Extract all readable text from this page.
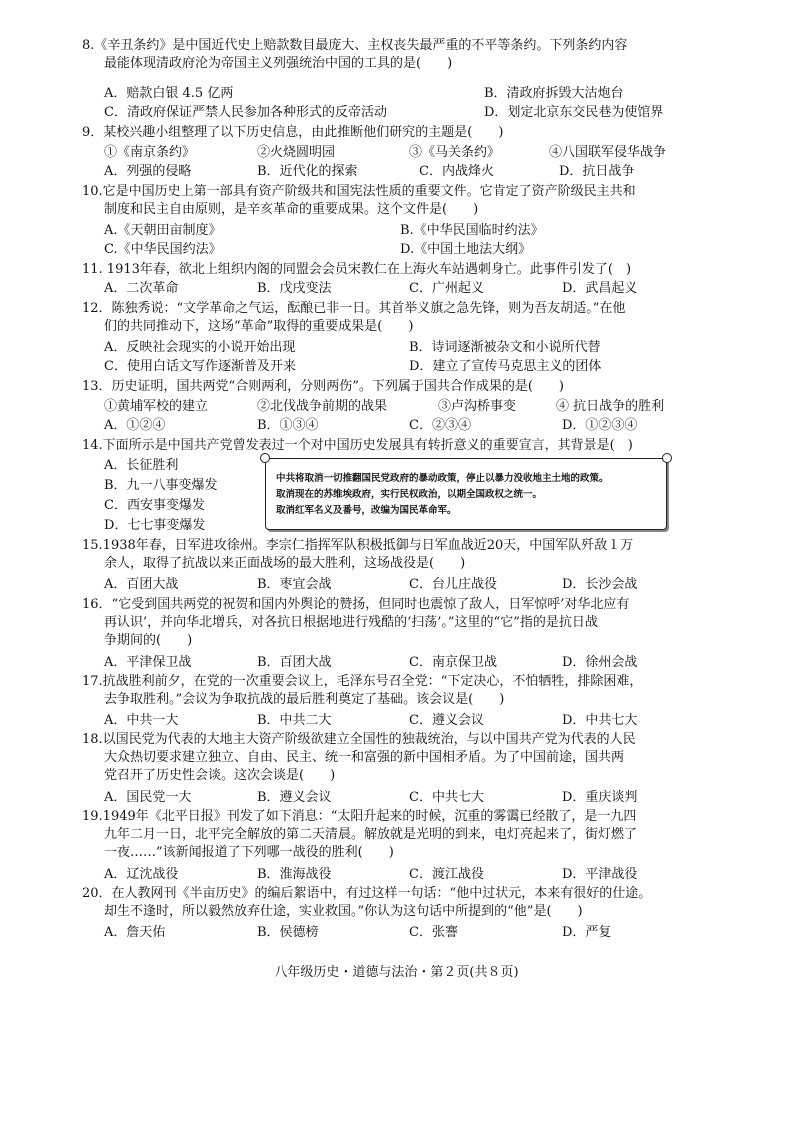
8.《辛丑条约》是中国近代史上赔款数目最庞大、主权丧失最严重的不平等条约。下列条约内容
最能体现清政府沦为帝国主义列强统治中国的工具的是(　　)
A．赔款白银 4.5 亿两	B．清政府拆毁大沽炮台
C．清政府保证严禁人民参加各种形式的反帝活动	D．划定北京东交民巷为使馆界
9．某校兴趣小组整理了以下历史信息，由此推断他们研究的主题是(　　)
①《南京条约》	②火烧圆明园	③《马关条约》	④八国联军侵华战争
A．列强的侵略	B．近代化的探索	C．内战烽火	D．抗日战争
10.它是中国历史上第一部具有资产阶级共和国宪法性质的重要文件。它肯定了资产阶级民主共和
制度和民主自由原则，是辛亥革命的重要成果。这个文件是(　　)
A.《天朝田亩制度》	B.《中华民国临时约法》
C.《中华民国约法》	D.《中国土地法大纲》
11. 1913年春，欲北上组织内阁的同盟会会员宋教仁在上海火车站遇刺身亡。此事件引发了(　)
A．二次革命	B．戊戌变法	C．广州起义	D．武昌起义
12．陈独秀说：“文学革命之气运，酝酿已非一日。其首举义旗之急先锋，则为吾友胡适。”在他
们的共同推动下，这场“革命”取得的重要成果是(　　)
A．反映社会现实的小说开始出现	B．诗词逐渐被杂文和小说所代替
C．使用白话文写作逐渐普及开来	D．建立了宣传马克思主义的团体
13．历史证明，国共两党“合则两利，分则两伤”。下列属于国共合作成果的是(　　)
①黄埔军校的建立	②北伐战争前期的战果	③卢沟桥事变	④ 抗日战争的胜利
A．①②④	B．①③④	C．②③④	D．①②③④
14.下面所示是中国共产党曾发表过一个对中国历史发展具有转折意义的重要宣言，其背景是(　)
A．长征胜利
B．九一八事变爆发
C．西安事变爆发
D．七七事变爆发
中共将取消一切推翻国民党政府的暴动政策，停止以暴力没收地主土地的政策。
取消现在的苏维埃政府，实行民权政治，以期全国政权之统一。
取消红军名义及番号，改编为国民革命军。
15.1938年春，日军进攻徐州。李宗仁指挥军队积极抵御与日军血战近20天，中国军队歼敌１万
余人，取得了抗战以来正面战场的最大胜利，这场战役是(　　)
A．百团大战	B．枣宜会战	C．台儿庄战役	D．长沙会战
16．“它受到国共两党的祝贺和国内外舆论的赞扬，但同时也震惊了敌人，日军惊呼’对华北应有
再认识’，并向华北增兵，对各抗日根据地进行残酷的‘扫荡’。”这里的“它”指的是抗日战
争期间的(　　)
A．平津保卫战	B．百团大战	C．南京保卫战	D．徐州会战
17.抗战胜利前夕，在党的一次重要会议上，毛泽东号召全党：“下定决心，不怕牺牲，排除困难，
去争取胜利。”会议为争取抗战的最后胜利奠定了基础。该会议是(　　)
A．中共一大	B．中共二大	C．遵义会议	D．中共七大
18.以国民党为代表的大地主大资产阶级欲建立全国性的独裁统治，与以中国共产党为代表的人民
大众热切要求建立独立、自由、民主、统一和富强的新中国相矛盾。为了中国前途，国共两
党召开了历史性会谈。这次会谈是(　　)
A．国民党一大	B．遵义会议	C．中共七大	D．重庆谈判
19.1949年《北平日报》刊发了如下消息：“太阳升起来的时候，沉重的雾霭已经散了，是一九四
九年二月一日，北平完全解放的第二天清晨。解放就是光明的到来，电灯亮起来了，街灯燃了
一夜……”该新闻报道了下列哪一战役的胜利(　　)
A．辽沈战役	B．淮海战役	C．渡江战役	D．平津战役
20．在人教网刊《半亩历史》的编后絮语中，有过这样一句话：“他中过状元，本来有很好的仕途。
却生不逢时，所以毅然放弃仕途，实业救国。”你认为这句话中所提到的“他”是(　　)
A．詹天佑	B．侯德榜	C．张謇	D．严复
八年级历史・道德与法治・第２页(共８页)
